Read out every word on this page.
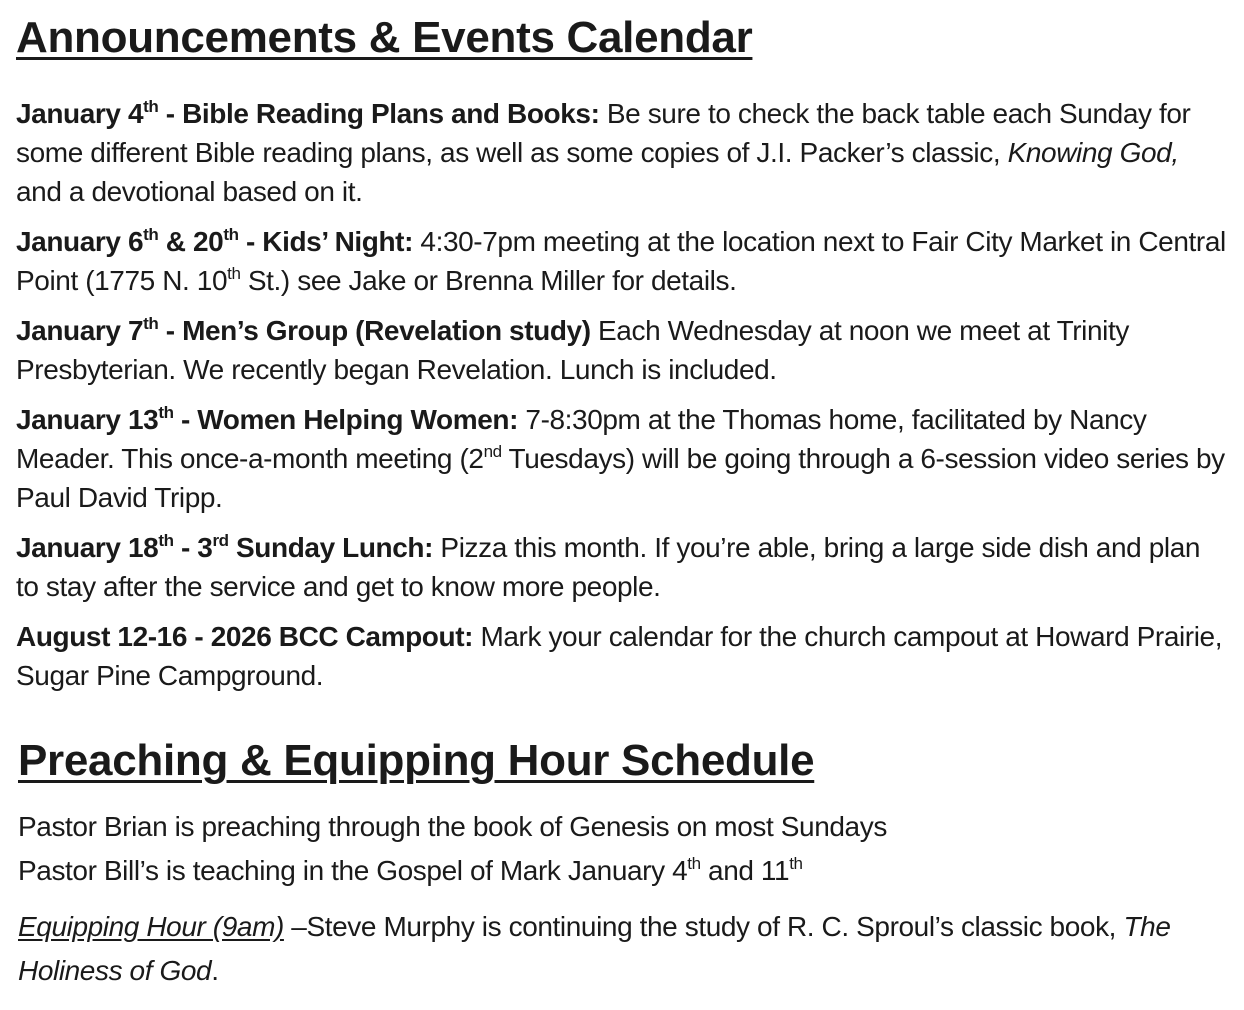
Announcements & Events Calendar

January 4th - Bible Reading Plans and Books: Be sure to check the back table each Sunday for some different Bible reading plans, as well as some copies of J.I. Packer’s classic, Knowing God, and a devotional based on it.

January 6th & 20th - Kids’ Night: 4:30-7pm meeting at the location next to Fair City Market in Central Point (1775 N. 10th St.) see Jake or Brenna Miller for details.

January 7th - Men’s Group (Revelation study) Each Wednesday at noon we meet at Trinity Presbyterian. We recently began Revelation. Lunch is included.

January 13th - Women Helping Women: 7-8:30pm at the Thomas home, facilitated by Nancy Meader. This once-a-month meeting (2nd Tuesdays) will be going through a 6-session video series by Paul David Tripp.

January 18th - 3rd Sunday Lunch: Pizza this month. If you’re able, bring a large side dish and plan to stay after the service and get to know more people.

August 12-16 - 2026 BCC Campout: Mark your calendar for the church campout at Howard Prairie, Sugar Pine Campground.

Preaching & Equipping Hour Schedule

Pastor Brian is preaching through the book of Genesis on most Sundays

Pastor Bill’s is teaching in the Gospel of Mark January 4th and 11th

Equipping Hour (9am) –Steve Murphy is continuing the study of R. C. Sproul’s classic book, The Holiness of God.
